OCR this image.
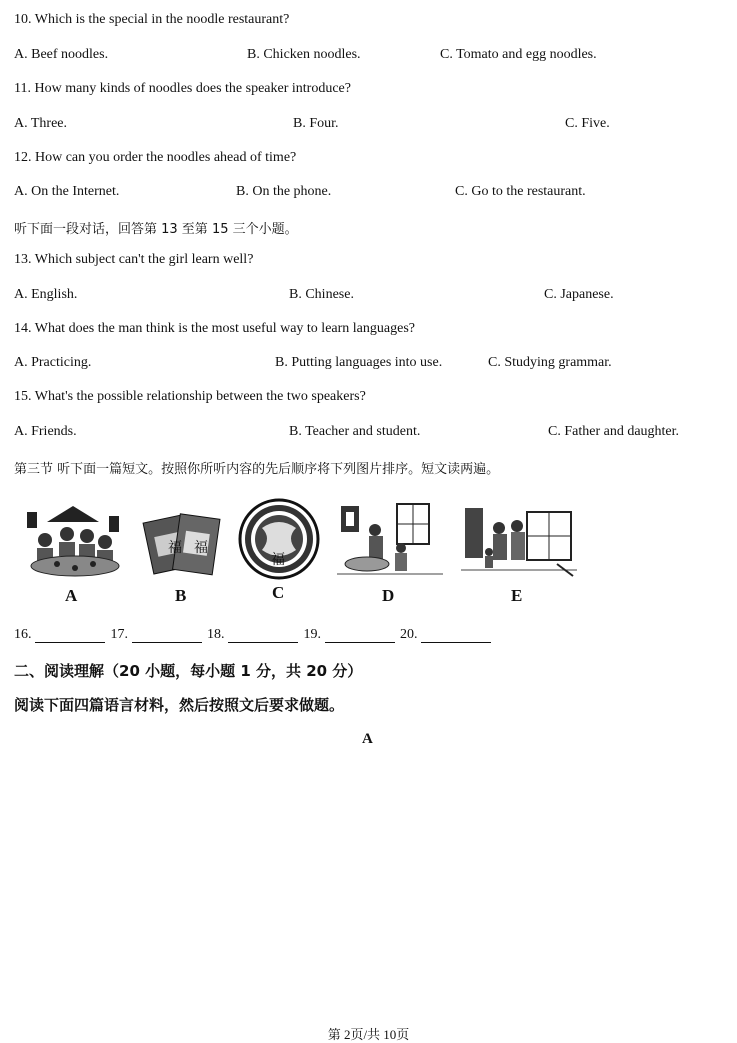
10. Which is the special in the noodle restaurant?
A. Beef noodles.	B. Chicken noodles.	C. Tomato and egg noodles.
11. How many kinds of noodles does the speaker introduce?
A. Three.	B. Four.	C. Five.
12. How can you order the noodles ahead of time?
A. On the Internet.	B. On the phone.	C. Go to the restaurant.
听下面一段对话，回答第 13 至第 15 三个小题。
13. Which subject can't the girl learn well?
A. English.	B. Chinese.	C. Japanese.
14. What does the man think is the most useful way to learn languages?
A. Practicing.	B. Putting languages into use.	C. Studying grammar.
15. What's the possible relationship between the two speakers?
A. Friends.	B. Teacher and student.	C. Father and daughter.
第三节 听下面一篇短文。按照你所听内容的先后顺序将下列图片排序。短文读两遍。
A
福 福
B
福
C	D	E
16.	17.	18.	19.	20.
二、阅读理解（20 小题，每小题 1 分，共 20 分）
阅读下面四篇语言材料，然后按照文后要求做题。
A
第 2页/共 10页
